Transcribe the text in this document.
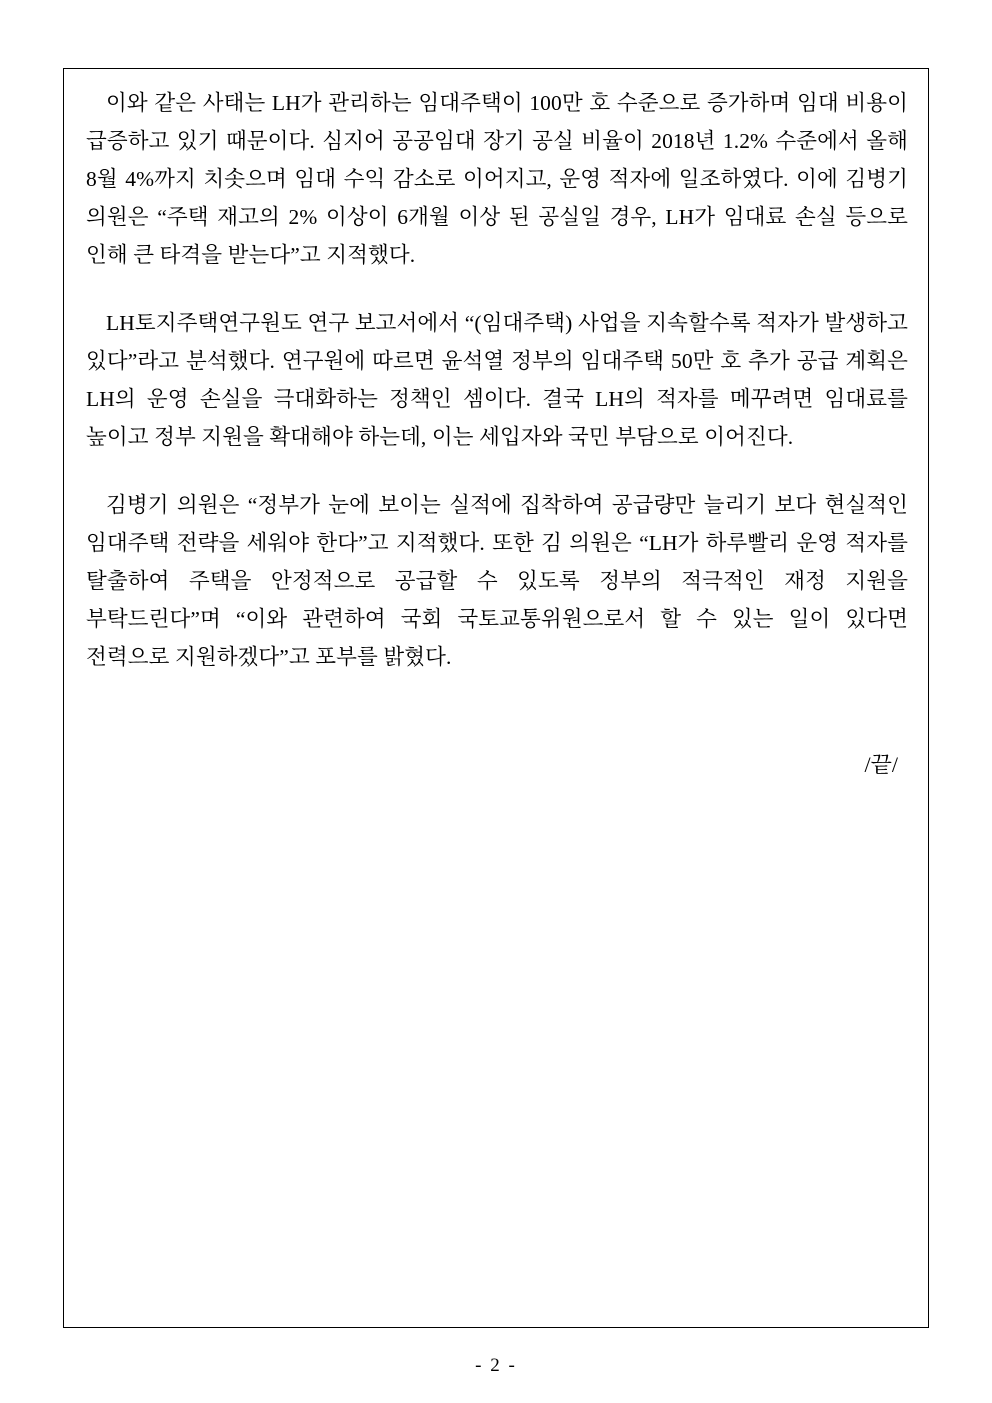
이와 같은 사태는 LH가 관리하는 임대주택이 100만 호 수준으로 증가하며 임대 비용이 급증하고 있기 때문이다. 심지어 공공임대 장기 공실 비율이 2018년 1.2% 수준에서 올해 8월 4%까지 치솟으며 임대 수익 감소로 이어지고, 운영 적자에 일조하였다. 이에 김병기 의원은 “주택 재고의 2% 이상이 6개월 이상 된 공실일 경우, LH가 임대료 손실 등으로 인해 큰 타격을 받는다”고 지적했다.

LH토지주택연구원도 연구 보고서에서 “(임대주택) 사업을 지속할수록 적자가 발생하고 있다”라고 분석했다. 연구원에 따르면 윤석열 정부의 임대주택 50만 호 추가 공급 계획은 LH의 운영 손실을 극대화하는 정책인 셈이다. 결국 LH의 적자를 메꾸려면 임대료를 높이고 정부 지원을 확대해야 하는데, 이는 세입자와 국민 부담으로 이어진다.

김병기 의원은 “정부가 눈에 보이는 실적에 집착하여 공급량만 늘리기 보다 현실적인 임대주택 전략을 세워야 한다”고 지적했다. 또한 김 의원은 “LH가 하루빨리 운영 적자를 탈출하여 주택을 안정적으로 공급할 수 있도록 정부의 적극적인 재정 지원을 부탁드린다”며 “이와 관련하여 국회 국토교통위원으로서 할 수 있는 일이 있다면 전력으로 지원하겠다”고 포부를 밝혔다.

/끝/
- 2 -
